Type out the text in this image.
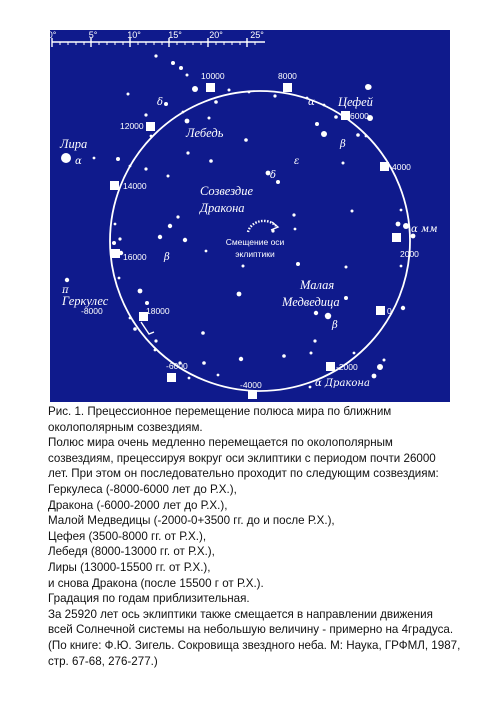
0°	5°	10°	15°	20°	25°
10000	8000
6000
4000
2000
0
-2000
-4000
-6000
-8000	18000
16000
14000
12000
Цефей
Лебедь
Лира
Созвездие
Дракона
Геркулес
Малая
Медведица
α
β
δ
α
δ
ε
β
π
α мм
β
α Дракона
Смещение оси
эклиптики
Рис. 1. Прецессионное перемещение полюса мира по ближним
околополярным созвездиям.
Полюс мира очень медленно перемещается по околополярным
созвездиям, прецессируя вокруг оси эклиптики с периодом почти 26000
лет. При этом он последовательно проходит по следующим созвездиям:
Геркулеса (-8000-6000 лет до Р.Х.),
Дракона (-6000-2000 лет до Р.Х.),
Малой Медведицы (-2000-0+3500 гг. до и после Р.Х.),
Цефея (3500-8000 гг. от Р.Х.),
Лебедя (8000-13000 гг. от Р.Х.),
Лиры (13000-15500 гг. от Р.Х.),
и снова Дракона (после 15500 г от Р.Х.).
Градация по годам приблизительная.
За 25920 лет ось эклиптики также смещается в направлении движения
всей Солнечной системы на небольшую величину - примерно на 4градуса.
(По книге: Ф.Ю. Зигель. Сокровища звездного неба. М: Наука, ГРФМЛ, 1987,
стр. 67-68, 276-277.)
